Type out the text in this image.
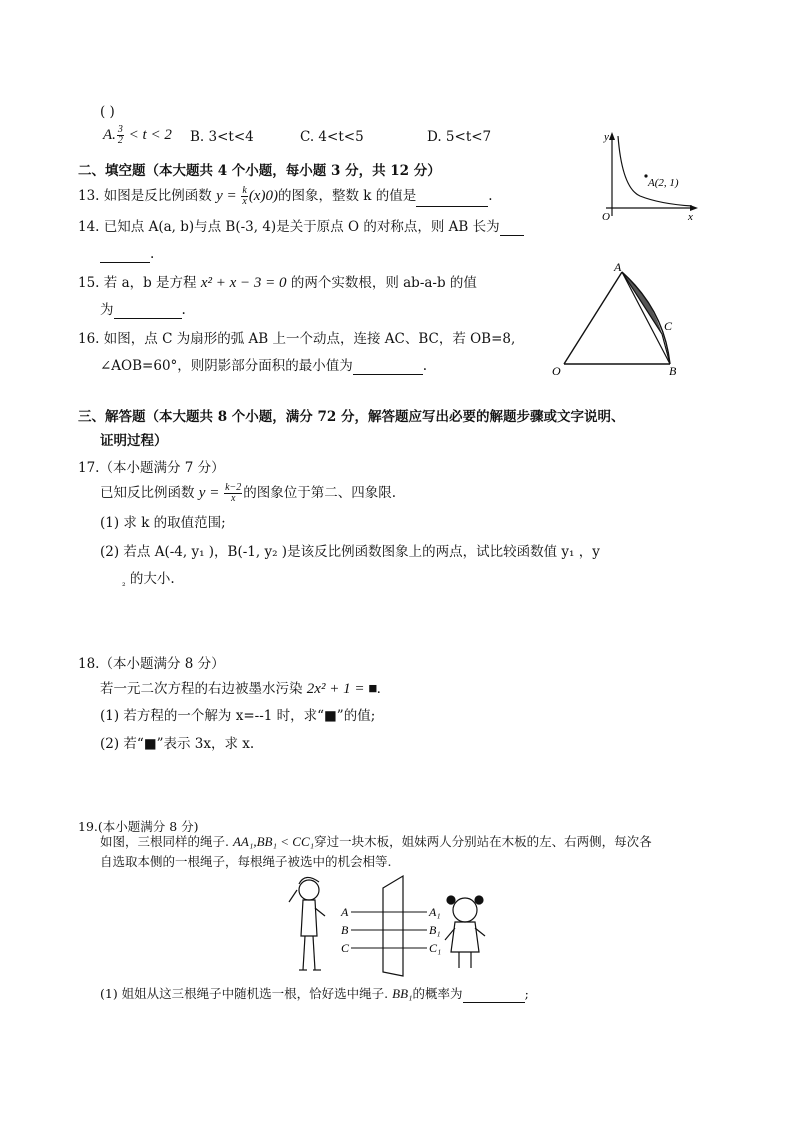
( )
A. $\frac{3}{2} < t < 2$ B. 3<t<4	C. 4<t<5	D. 5<t<7
二、填空题（本大题共 4 个小题，每小题 3 分，共 12 分）
13. 如图是反比例函数 $y = \frac{k}{x} (x)0$)的图象，整数 k 的值是	.
y
x
O
A(2, 1)
14. 已知点 A(a, b)与点 B(-3, 4)是关于原点 O 的对称点，则 AB 长为
.
15. 若 a，b 是方程 x² + x − 3 = 0 的两个实数根，则 ab-a-b 的值
为	.
16. 如图，点 C 为扇形的弧 AB 上一个动点，连接 AC、BC，若 OB=8,
∠AOB=60°，则阴影部分面积的最小值为	.
A
C
B
O
三、解答题（本大题共 8 个小题，满分 72 分，解答题应写出必要的解题步骤或文字说明、
证明过程）
17.（本小题满分 7 分）
已知反比例函数 $y = \frac{k-2}{x}$ 的图象位于第二、四象限.
(1) 求 k 的取值范围;
(2) 若点 A(-4, y₁ )，B(-1, y₂ )是该反比例函数图象上的两点，试比较函数值 y₁ ，y
$_{_2}$ 的大小.
18.（本小题满分 8 分）
若一元二次方程的右边被墨水污染 2x² + 1 = ■.
(1) 若方程的一个解为 x=--1 时，求“■”的值;
(2) 若“■”表示 3x，求 x.
19.(本小题满分 8 分)
如图，三根同样的绳子. AA₁,BB₁ < CC₁穿过一块木板，姐妹两人分别站在木板的左、右两侧，每次各
自选取本侧的一根绳子，每根绳子被选中的机会相等.
A
B
C
A₁
B₁
C₁
(1) 姐姐从这三根绳子中随机选一根，恰好选中绳子. BB₁的概率为	;
